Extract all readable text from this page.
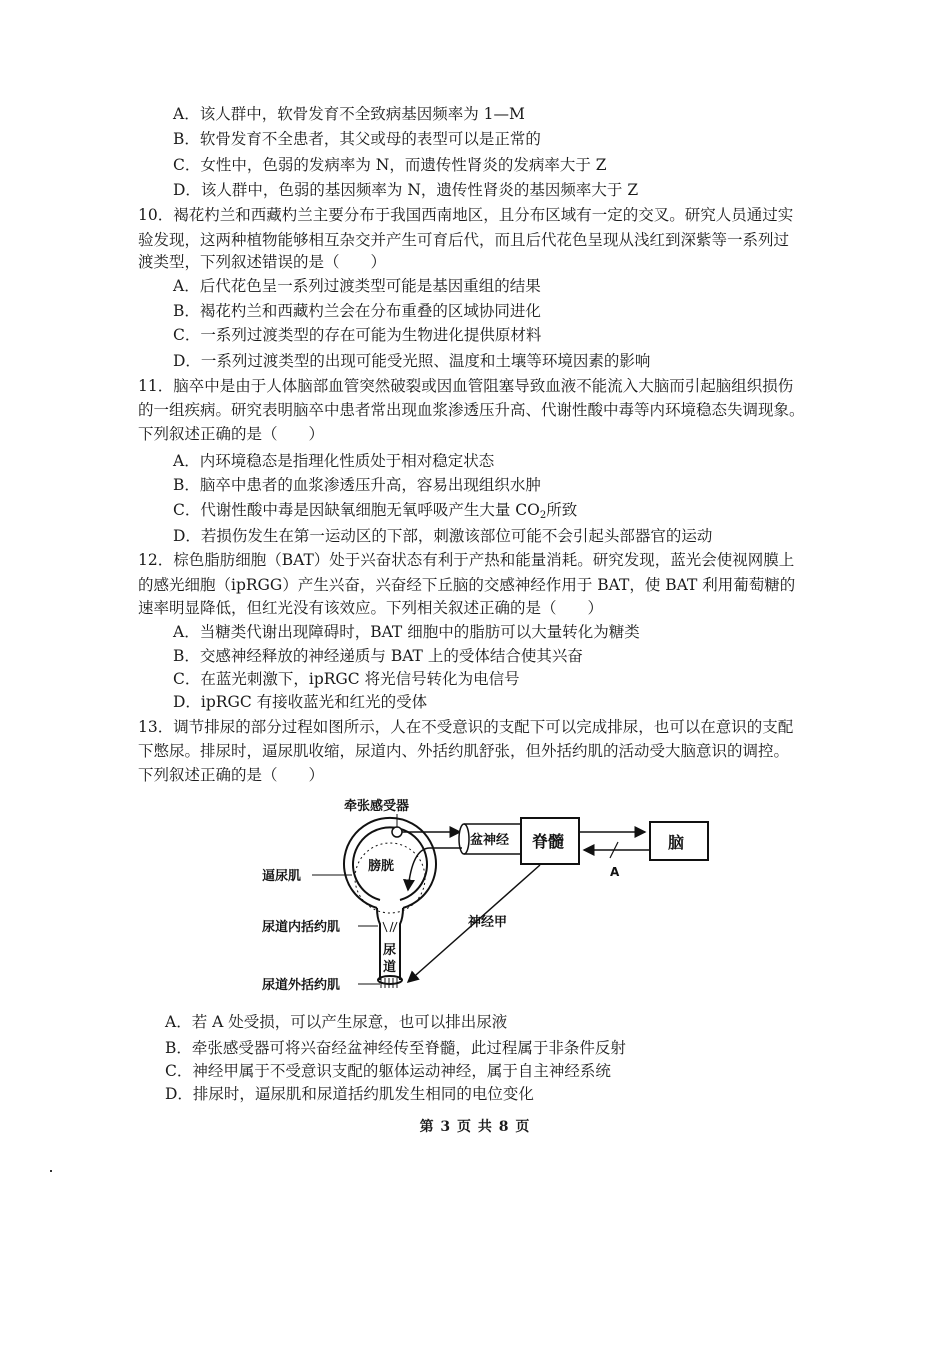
A．该人群中，软骨发育不全致病基因频率为 1—M
B．软骨发育不全患者，其父或母的表型可以是正常的
C．女性中，色弱的发病率为 N，而遗传性肾炎的发病率大于 Z
D．该人群中，色弱的基因频率为 N，遗传性肾炎的基因频率大于 Z
10．褐花杓兰和西藏杓兰主要分布于我国西南地区，且分布区域有一定的交叉。研究人员通过实
验发现，这两种植物能够相互杂交并产生可育后代，而且后代花色呈现从浅红到深紫等一系列过
渡类型，下列叙述错误的是（　　）
A．后代花色呈一系列过渡类型可能是基因重组的结果
B．褐花杓兰和西藏杓兰会在分布重叠的区域协同进化
C．一系列过渡类型的存在可能为生物进化提供原材料
D．一系列过渡类型的出现可能受光照、温度和土壤等环境因素的影响
11．脑卒中是由于人体脑部血管突然破裂或因血管阻塞导致血液不能流入大脑而引起脑组织损伤
的一组疾病。研究表明脑卒中患者常出现血浆渗透压升高、代谢性酸中毒等内环境稳态失调现象。
下列叙述正确的是（　　）
A．内环境稳态是指理化性质处于相对稳定状态
B．脑卒中患者的血浆渗透压升高，容易出现组织水肿
C．代谢性酸中毒是因缺氧细胞无氧呼吸产生大量 $CO_2$所致
D．若损伤发生在第一运动区的下部，刺激该部位可能不会引起头部器官的运动
12．棕色脂肪细胞（BAT）处于兴奋状态有利于产热和能量消耗。研究发现，蓝光会使视网膜上
的感光细胞（ipRGG）产生兴奋，兴奋经下丘脑的交感神经作用于 BAT，使 BAT 利用葡萄糖的
速率明显降低，但红光没有该效应。下列相关叙述正确的是（　　）
A．当糖类代谢出现障碍时，BAT 细胞中的脂肪可以大量转化为糖类
B．交感神经释放的神经递质与 BAT 上的受体结合使其兴奋
C．在蓝光刺激下，ipRGC 将光信号转化为电信号
D．ipRGC 有接收蓝光和红光的受体
13．调节排尿的部分过程如图所示，人在不受意识的支配下可以完成排尿，也可以在意识的支配
下憋尿。排尿时，逼尿肌收缩，尿道内、外括约肌舒张，但外括约肌的活动受大脑意识的调控。
下列叙述正确的是（　　）
牵张感受器
逼尿肌
尿道内括约肌
尿道外括约肌
膀胱
尿
道
盆神经 脊髓	脑
A
神经甲
A．若 A 处受损，可以产生尿意，也可以排出尿液
B．牵张感受器可将兴奋经盆神经传至脊髓，此过程属于非条件反射
C．神经甲属于不受意识支配的躯体运动神经，属于自主神经系统
D．排尿时，逼尿肌和尿道括约肌发生相同的电位变化
第 3 页 共 8 页
